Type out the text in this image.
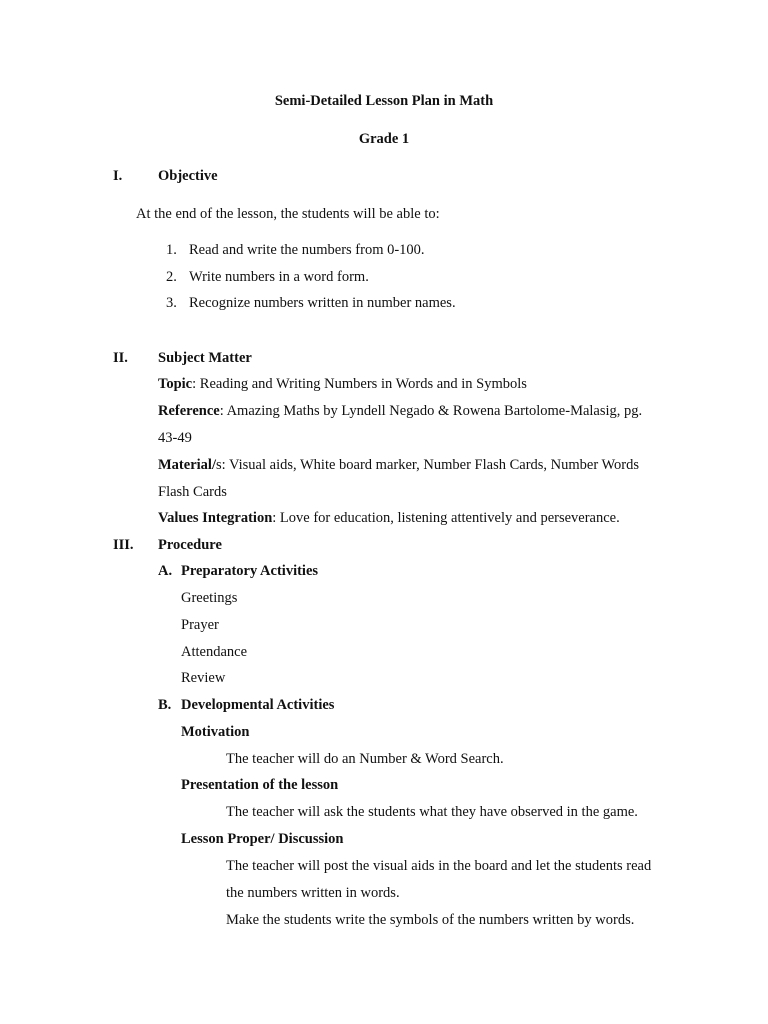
Semi-Detailed Lesson Plan in Math
Grade 1
I. Objective
At the end of the lesson, the students will be able to:
1. Read and write the numbers from 0-100.
2. Write numbers in a word form.
3. Recognize numbers written in number names.
II. Subject Matter
Topic: Reading and Writing Numbers in Words and in Symbols
Reference: Amazing Maths by Lyndell Negado & Rowena Bartolome-Malasig, pg.
43-49
Material/s: Visual aids, White board marker, Number Flash Cards, Number Words
Flash Cards
Values Integration: Love for education, listening attentively and perseverance.
III. Procedure
A. Preparatory Activities
Greetings
Prayer
Attendance
Review
B. Developmental Activities
Motivation
The teacher will do an Number & Word Search.
Presentation of the lesson
The teacher will ask the students what they have observed in the game.
Lesson Proper/ Discussion
The teacher will post the visual aids in the board and let the students read
the numbers written in words.
Make the students write the symbols of the numbers written by words.
